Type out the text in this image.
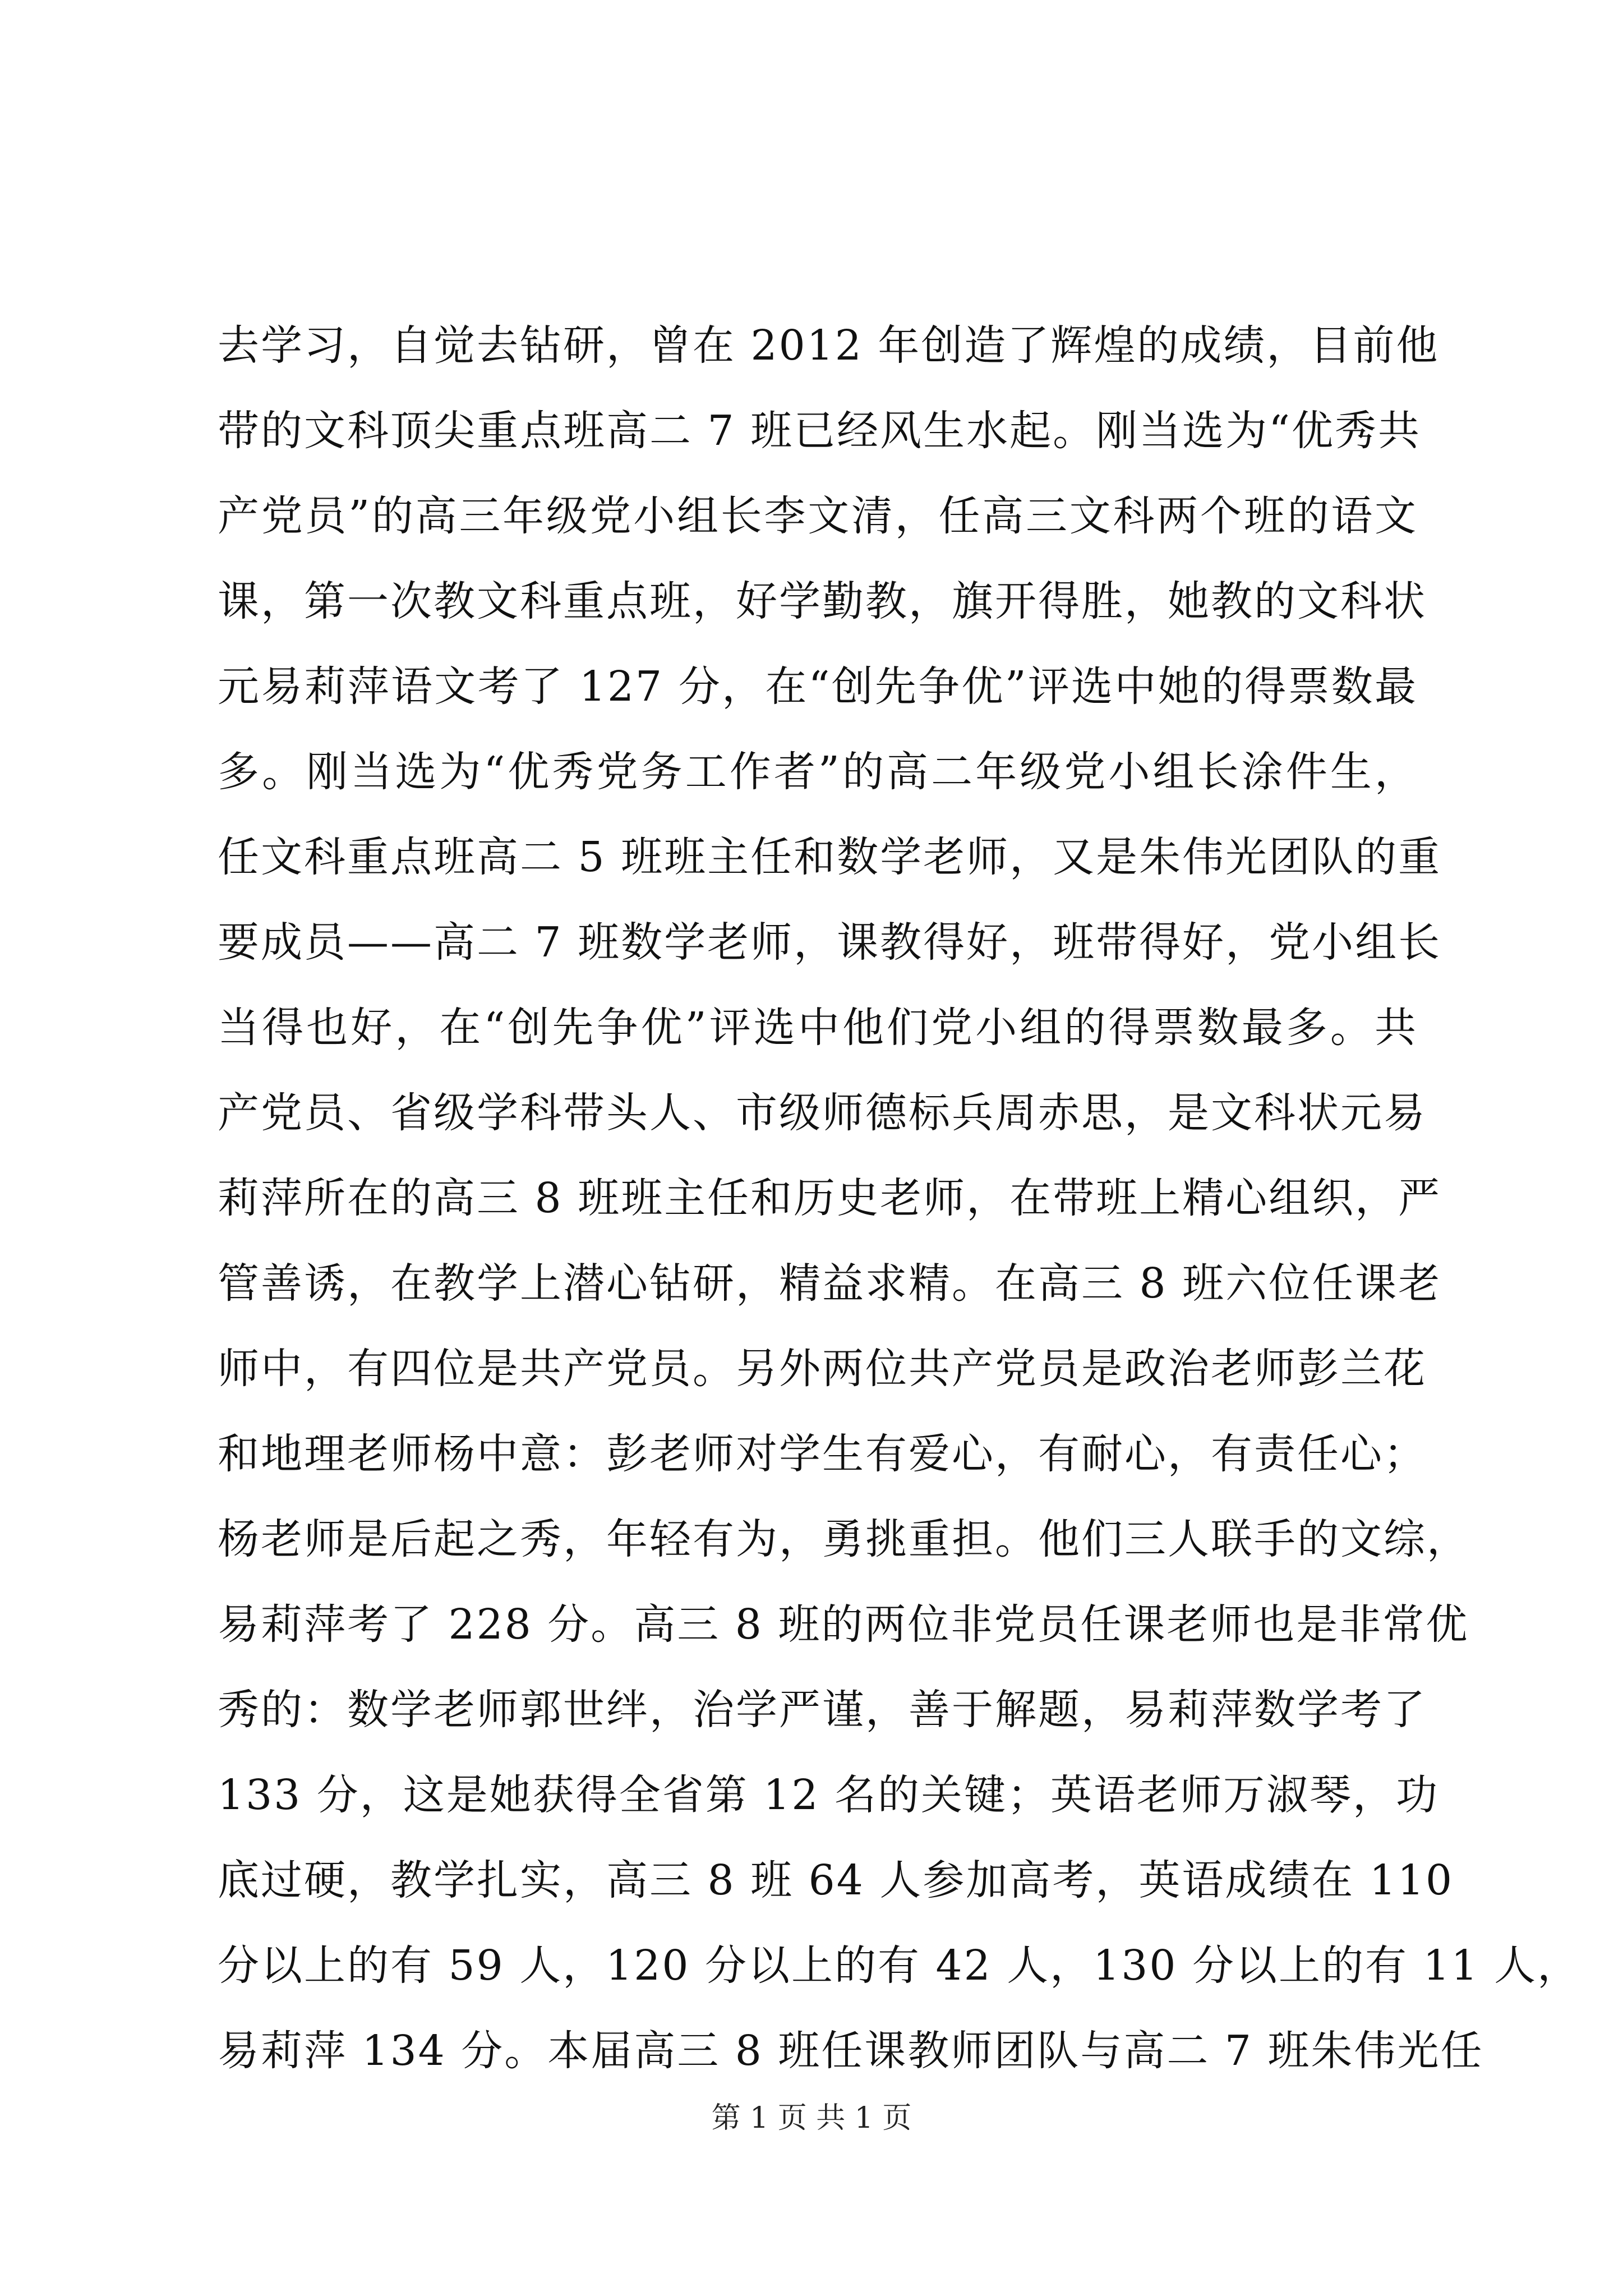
去学习，自觉去钻研，曾在 2012 年创造了辉煌的成绩，目前他
带的文科顶尖重点班高二 7 班已经风生水起。刚当选为“优秀共
产党员”的高三年级党小组长李文清，任高三文科两个班的语文
课，第一次教文科重点班，好学勤教，旗开得胜，她教的文科状
元易莉萍语文考了 127 分，在“创先争优”评选中她的得票数最
多。刚当选为“优秀党务工作者”的高二年级党小组长涂件生，
任文科重点班高二 5 班班主任和数学老师，又是朱伟光团队的重
要成员——高二 7 班数学老师，课教得好，班带得好，党小组长
当得也好，在“创先争优”评选中他们党小组的得票数最多。共
产党员、省级学科带头人、市级师德标兵周赤思，是文科状元易
莉萍所在的高三 8 班班主任和历史老师，在带班上精心组织，严
管善诱，在教学上潜心钻研，精益求精。在高三 8 班六位任课老
师中，有四位是共产党员。另外两位共产党员是政治老师彭兰花
和地理老师杨中意：彭老师对学生有爱心，有耐心，有责任心；
杨老师是后起之秀，年轻有为，勇挑重担。他们三人联手的文综，
易莉萍考了 228 分。高三 8 班的两位非党员任课老师也是非常优
秀的：数学老师郭世绊，治学严谨，善于解题，易莉萍数学考了
133 分，这是她获得全省第 12 名的关键；英语老师万淑琴，功
底过硬，教学扎实，高三 8 班 64 人参加高考，英语成绩在 110
分以上的有 59 人，120 分以上的有 42 人，130 分以上的有 11 人，
易莉萍 134 分。本届高三 8 班任课教师团队与高二 7 班朱伟光任
第 1 页 共 1 页
